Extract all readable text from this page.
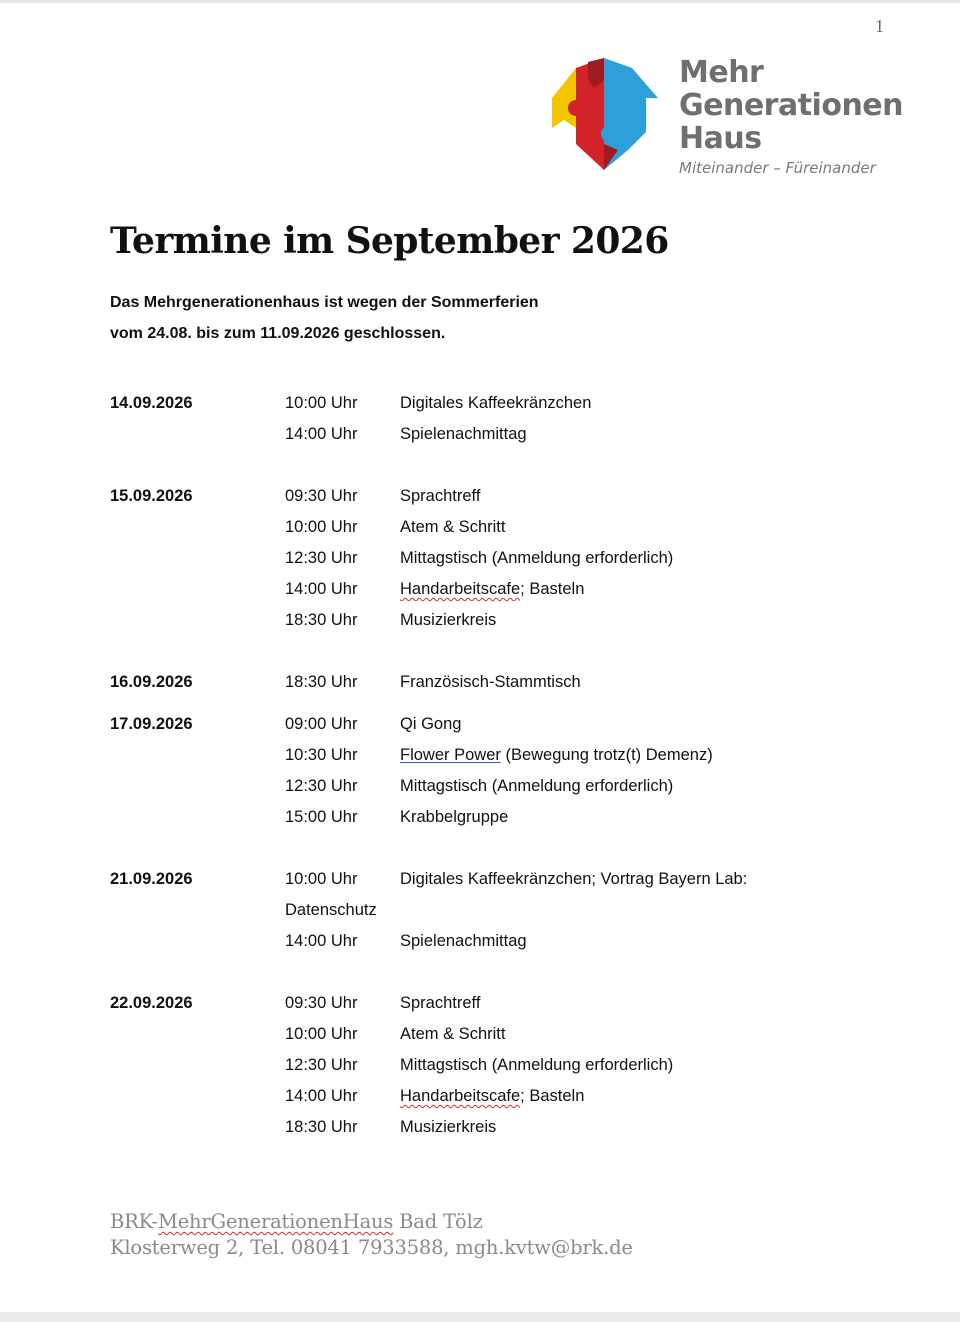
1
Mehr
Generationen
Haus
Miteinander – Füreinander
Termine im September 2026
Das Mehrgenerationenhaus ist wegen der Sommerferien
vom 24.08. bis zum 11.09.2026 geschlossen.
14.09.2026	10:00 Uhr	Digitales Kaffeekränzchen
14:00 Uhr	Spielenachmittag
15.09.2026	09:30 Uhr	Sprachtreff
10:00 Uhr	Atem & Schritt
12:30 Uhr	Mittagstisch (Anmeldung erforderlich)
14:00 Uhr	Handarbeitscafe; Basteln
18:30 Uhr	Musizierkreis
16.09.2026	18:30 Uhr	Französisch-Stammtisch
17.09.2026	09:00 Uhr	Qi Gong
10:30 Uhr	Flower Power (Bewegung trotz(t) Demenz)
12:30 Uhr	Mittagstisch (Anmeldung erforderlich)
15:00 Uhr	Krabbelgruppe
21.09.2026	10:00 Uhr	Digitales Kaffeekränzchen; Vortrag Bayern Lab:
Datenschutz
14:00 Uhr	Spielenachmittag
22.09.2026	09:30 Uhr	Sprachtreff
10:00 Uhr	Atem & Schritt
12:30 Uhr	Mittagstisch (Anmeldung erforderlich)
14:00 Uhr	Handarbeitscafe; Basteln
18:30 Uhr	Musizierkreis
BRK-MehrGenerationenHaus Bad Tölz
Klosterweg 2, Tel. 08041 7933588, mgh.kvtw@brk.de
